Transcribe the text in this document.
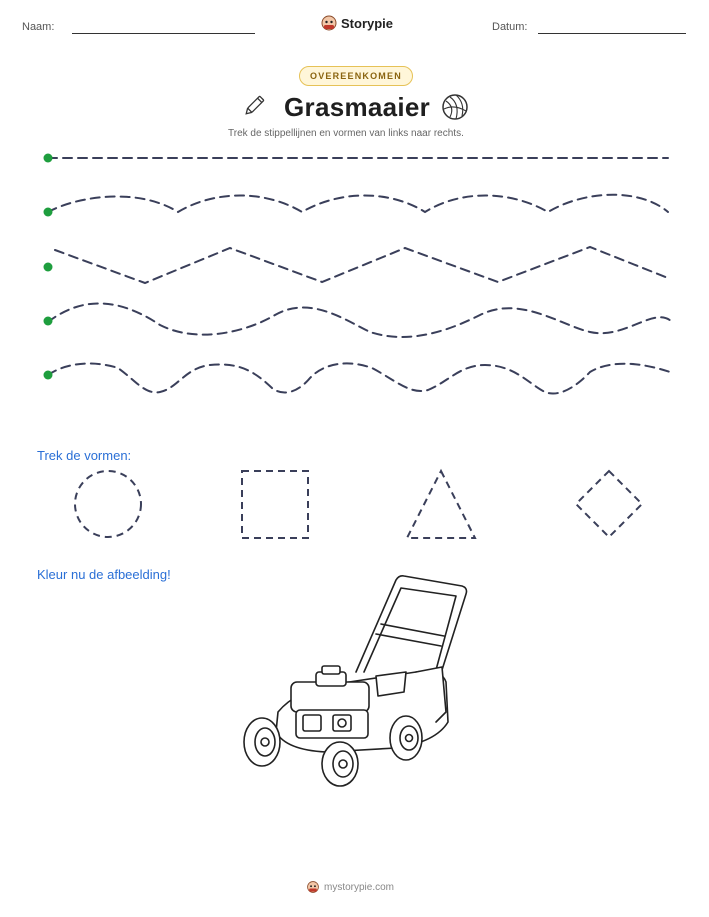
Naam:	Storypie	Datum:
OVEREENKOMEN
Grasmaaier
Trek de stippellijnen en vormen van links naar rechts.
Trek de vormen:
Kleur nu de afbeelding!
mystorypie.com
